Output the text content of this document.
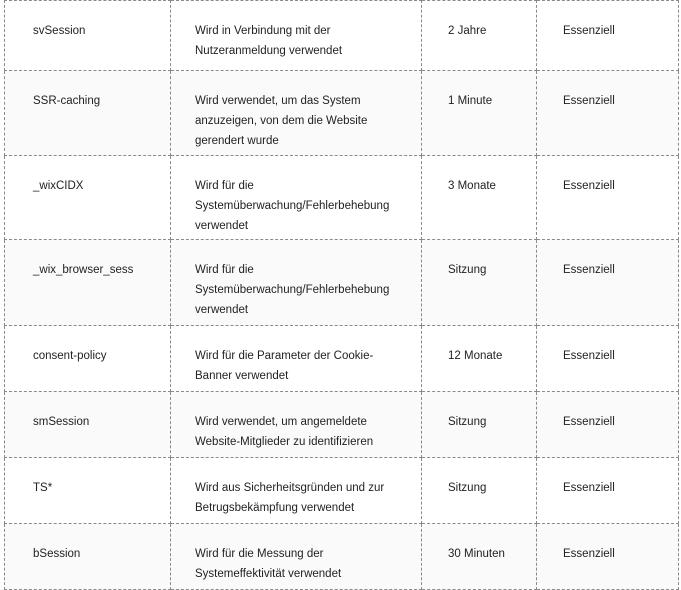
svSession	Wird in Verbindung mit der Nutzeranmeldung verwendet	2 Jahre	Essenziell

SSR-caching	Wird verwendet, um das System anzuzeigen, von dem die Website gerendert wurde	1 Minute	Essenziell

_wixCIDX	Wird für die Systemüberwachung/Fehlerbehebung verwendet	3 Monate	Essenziell

_wix_browser_sess	Wird für die Systemüberwachung/Fehlerbehebung verwendet	Sitzung	Essenziell

consent-policy	Wird für die Parameter der Cookie-Banner verwendet	12 Monate	Essenziell

smSession	Wird verwendet, um angemeldete Website-Mitglieder zu identifizieren	Sitzung	Essenziell

TS*	Wird aus Sicherheitsgründen und zur Betrugsbekämpfung verwendet	Sitzung	Essenziell

bSession	Wird für die Messung der Systemeffektivität verwendet	30 Minuten	Essenziell
